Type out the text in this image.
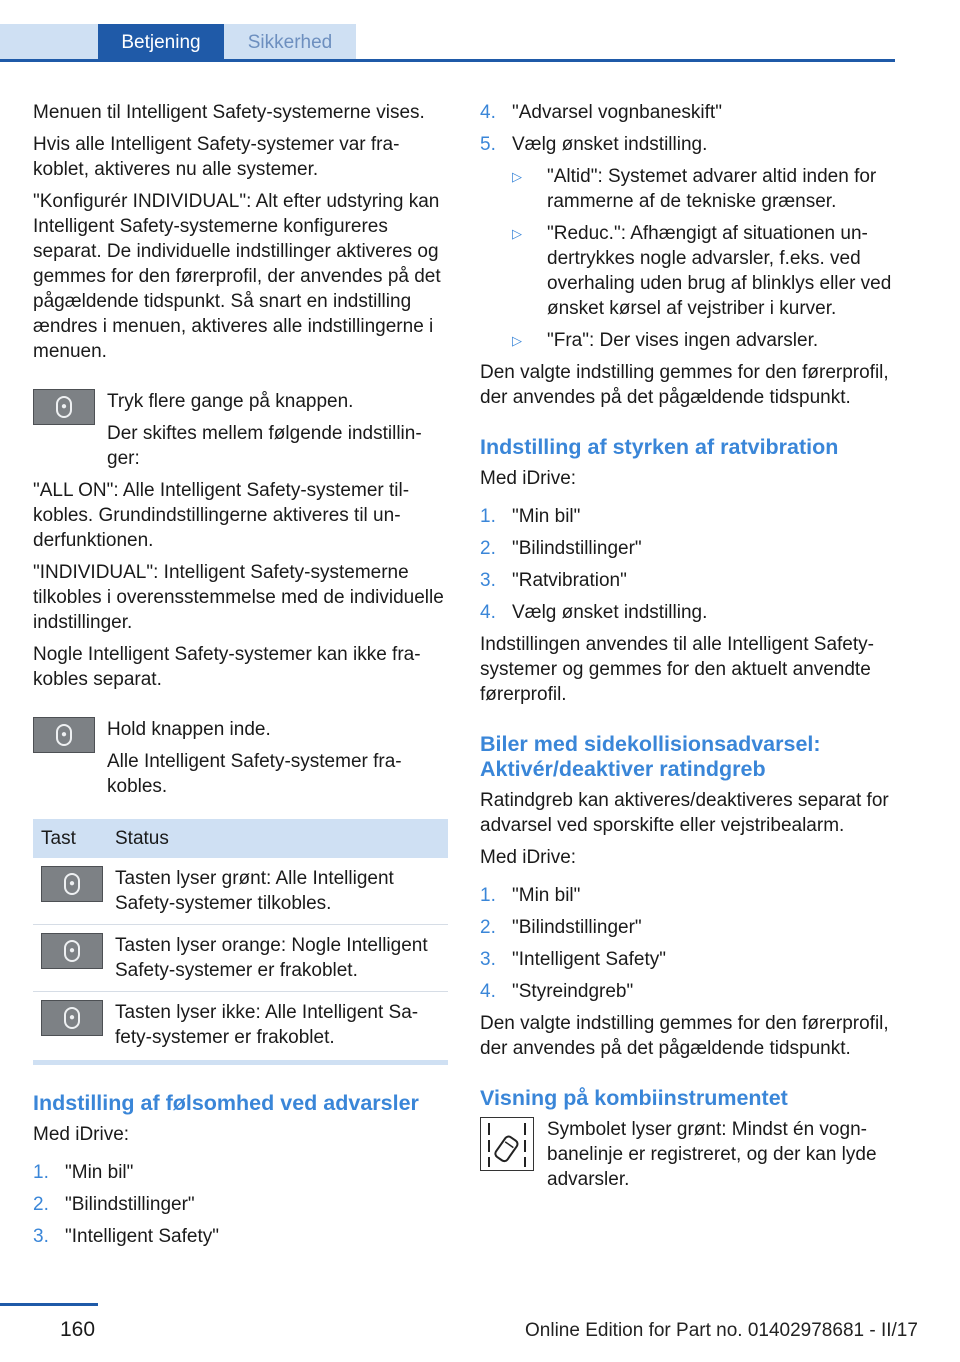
Betjening	Sikkerhed

Menuen til Intelligent Safety-systemerne vises.

Hvis alle Intelligent Safety-systemer var frakoblet, aktiveres nu alle systemer.

"Konfigurér INDIVIDUAL": Alt efter udstyring kan Intelligent Safety-systemerne konfigureres separat. De individuelle indstillinger aktiveres og gemmes for den førerprofil, der anvendes på det pågældende tidspunkt. Så snart en indstilling ændres i menuen, aktiveres alle indstillingerne i menuen.

⦁	Tryk flere gange på knappen.

Der skiftes mellem følgende indstillinger:

"ALL ON": Alle Intelligent Safety-systemer tilkobles. Grundindstillingerne aktiveres til underfunktionen.

"INDIVIDUAL": Intelligent Safety-systemerne tilkobles i overensstemmelse med de individuelle indstillinger.

Nogle Intelligent Safety-systemer kan ikke frakobles separat.

⦁	Hold knappen inde.

Alle Intelligent Safety-systemer frakobles.

Tast	Status

⦁	Tasten lyser grønt: Alle Intelligent Safety-systemer tilkobles.

⦁	Tasten lyser orange: Nogle Intelligent Safety-systemer er frakoblet.

⦁	Tasten lyser ikke: Alle Intelligent Safety-systemer er frakoblet.
Indstilling af følsomhed ved advarsler

Med iDrive:

1. "Min bil"
2. "Bilindstillinger"
3. "Intelligent Safety"
4. "Advarsel vognbaneskift"
5. Vælg ønsket indstilling.
▷ "Altid": Systemet advarer altid inden for rammerne af de tekniske grænser.
▷ "Reduc.": Afhængigt af situationen undertrykkes nogle advarsler, f.eks. ved overhaling uden brug af blinklys eller ved ønsket kørsel af vejstriber i kurver.
▷ "Fra": Der vises ingen advarsler.

Den valgte indstilling gemmes for den førerprofil, der anvendes på det pågældende tidspunkt.

Indstilling af styrken af ratvibration

Med iDrive:

1. "Min bil"
2. "Bilindstillinger"
3. "Ratvibration"
4. Vælg ønsket indstilling.

Indstillingen anvendes til alle Intelligent Safety-systemer og gemmes for den aktuelt anvendte førerprofil.

Biler med sidekollisionsadvarsel: Aktivér/deaktiver ratindgreb

Ratindgreb kan aktiveres/deaktiveres separat for advarsel ved sporskifte eller vejstribealarm.

Med iDrive:

1. "Min bil"
2. "Bilindstillinger"
3. "Intelligent Safety"
4. "Styreindgreb"

Den valgte indstilling gemmes for den førerprofil, der anvendes på det pågældende tidspunkt.

Visning på kombiinstrumentet

Symbolet lyser grønt: Mindst én vognbanelinje er registreret, og der kan lyde advarsler.

160	Online Edition for Part no. 01402978681 - II/17
